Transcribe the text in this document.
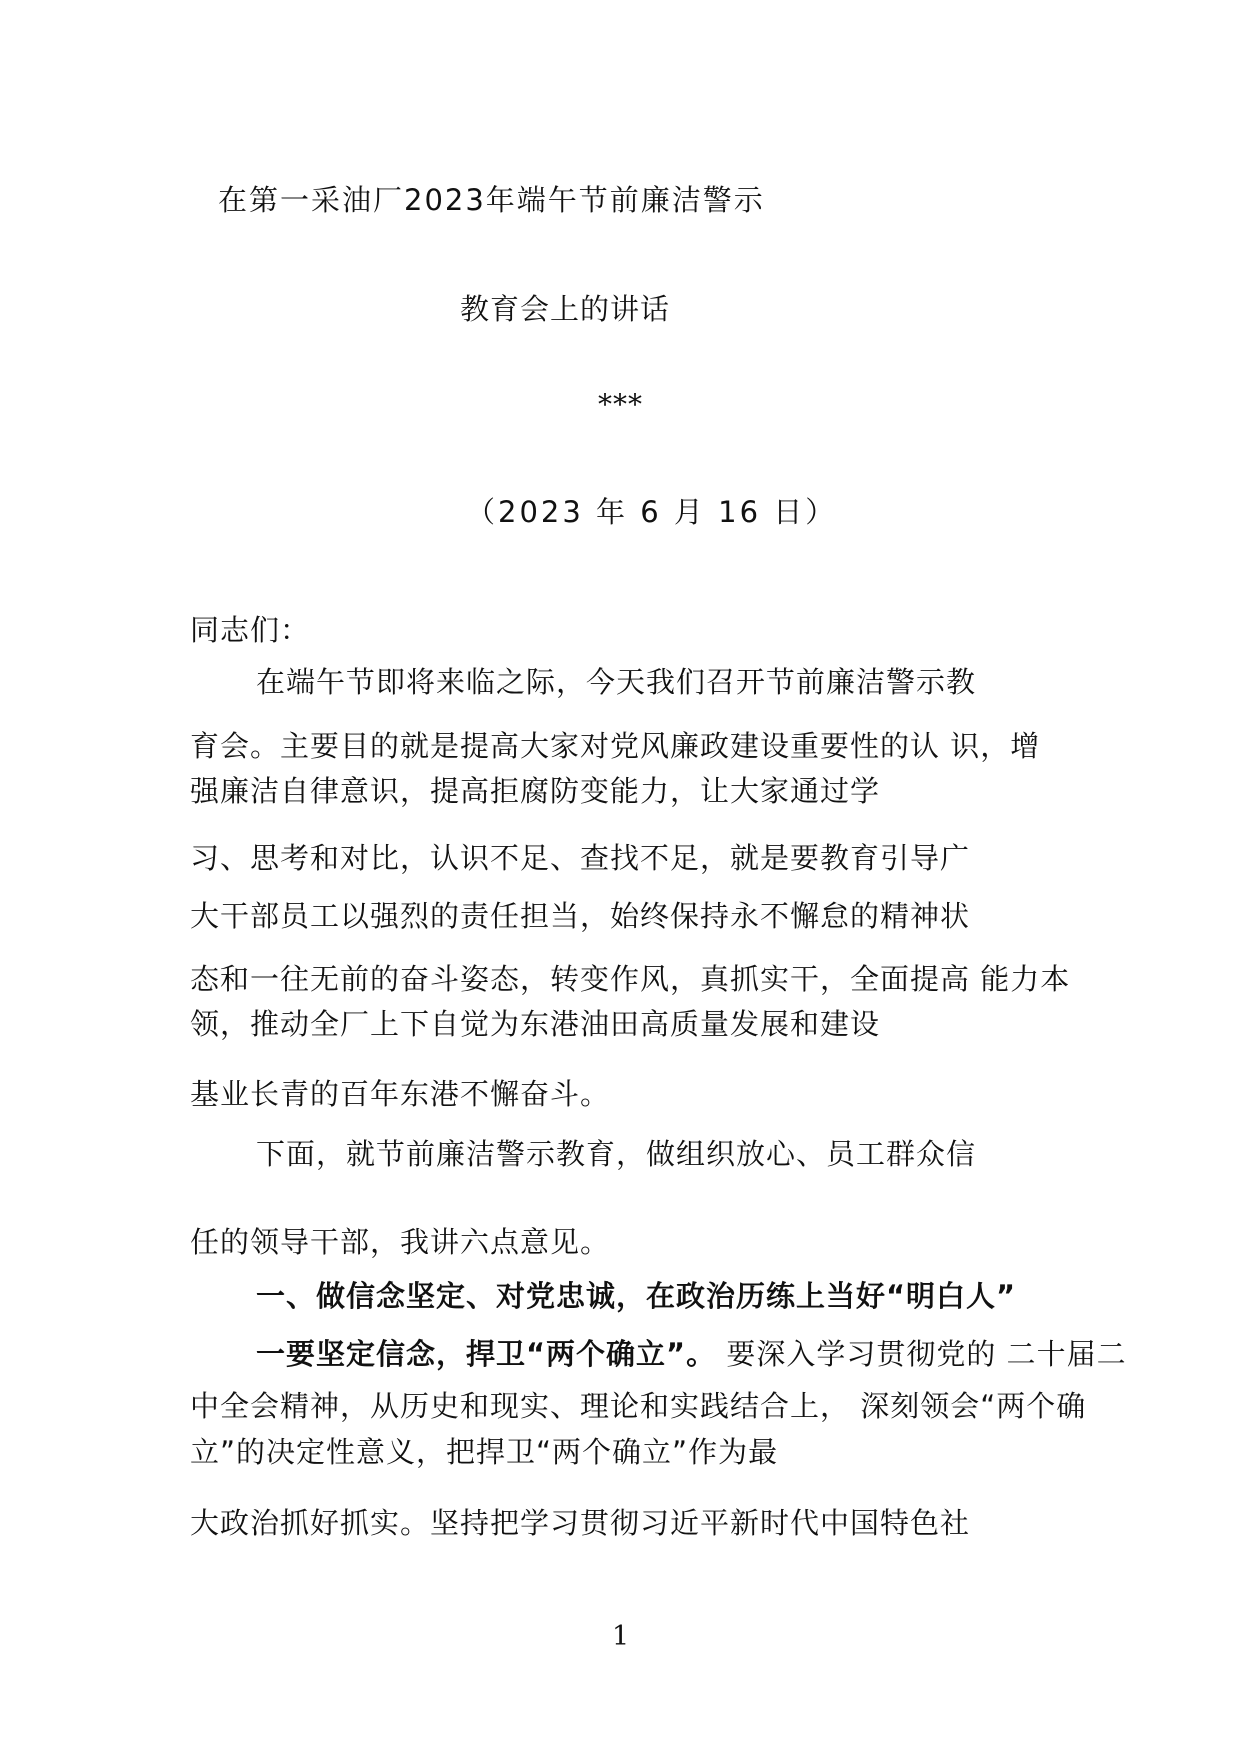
在第一采油厂2023年端午节前廉洁警示
教育会上的讲话
***
（2023 年 6 月 16 日）
同志们：
在端午节即将来临之际，今天我们召开节前廉洁警示教
育会。主要目的就是提高大家对党风廉政建设重要性的认 识，增
强廉洁自律意识，提高拒腐防变能力，让大家通过学
习、思考和对比，认识不足、查找不足，就是要教育引导广
大干部员工以强烈的责任担当，始终保持永不懈怠的精神状
态和一往无前的奋斗姿态，转变作风，真抓实干，全面提高 能力本
领，推动全厂上下自觉为东港油田高质量发展和建设
基业长青的百年东港不懈奋斗。
下面，就节前廉洁警示教育，做组织放心、员工群众信
任的领导干部，我讲六点意见。
一、做信念坚定、对党忠诚，在政治历练上当好“明白人”
一要坚定信念，捍卫“两个确立”。 要深入学习贯彻党的 二十届二
中全会精神，从历史和现实、理论和实践结合上， 深刻领会“两个确
立”的决定性意义，把捍卫“两个确立”作为最
大政治抓好抓实。坚持把学习贯彻习近平新时代中国特色社
1
